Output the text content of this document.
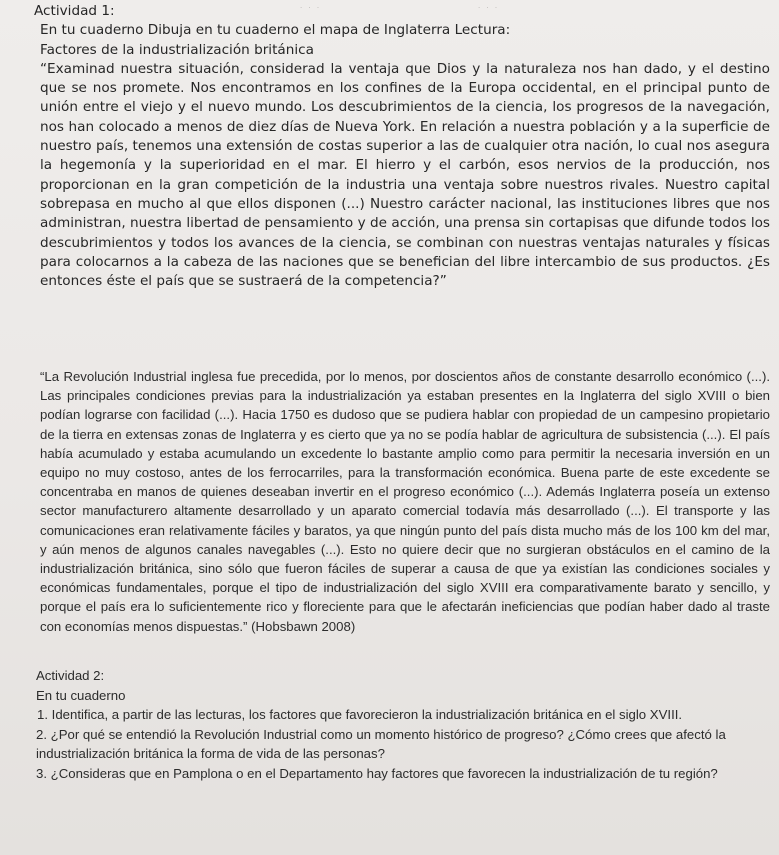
· · ·	· · ·

Actividad 1:

En tu cuaderno Dibuja en tu cuaderno el mapa de Inglaterra Lectura:

Factores de la industrialización británica

“Examinad nuestra situación, considerad la ventaja que Dios y la naturaleza nos han dado, y el destino que se nos promete. Nos encontramos en los confines de la Europa occidental, en el principal punto de unión entre el viejo y el nuevo mundo. Los descubrimientos de la ciencia, los progresos de la navegación, nos han colocado a menos de diez días de Nueva York. En relación a nuestra población y a la superficie de nuestro país, tenemos una extensión de costas superior a las de cualquier otra nación, lo cual nos asegura la hegemonía y la superioridad en el mar. El hierro y el carbón, esos nervios de la producción, nos proporcionan en la gran competición de la industria una ventaja sobre nuestros rivales. Nuestro capital sobrepasa en mucho al que ellos disponen (...) Nuestro carácter nacional, las instituciones libres que nos administran, nuestra libertad de pensamiento y de acción, una prensa sin cortapisas que difunde todos los descubrimientos y todos los avances de la ciencia, se combinan con nuestras ventajas naturales y físicas para colocarnos a la cabeza de las naciones que se benefician del libre intercambio de sus productos. ¿Es entonces éste el país que se sustraerá de la competencia?”

“La Revolución Industrial inglesa fue precedida, por lo menos, por doscientos años de constante desarrollo económico (...). Las principales condiciones previas para la industrialización ya estaban presentes en la Inglaterra del siglo XVIII o bien podían lograrse con facilidad (...). Hacia 1750 es dudoso que se pudiera hablar con propiedad de un campesino propietario de la tierra en extensas zonas de Inglaterra y es cierto que ya no se podía hablar de agricultura de subsistencia (...). El país había acumulado y estaba acumulando un excedente lo bastante amplio como para permitir la necesaria inversión en un equipo no muy costoso, antes de los ferrocarriles, para la transformación económica. Buena parte de este excedente se concentraba en manos de quienes deseaban invertir en el progreso económico (...). Además Inglaterra poseía un extenso sector manufacturero altamente desarrollado y un aparato comercial todavía más desarrollado (...). El transporte y las comunicaciones eran relativamente fáciles y baratos, ya que ningún punto del país dista mucho más de los 100 km del mar, y aún menos de algunos canales navegables (...). Esto no quiere decir que no surgieran obstáculos en el camino de la industrialización británica, sino sólo que fueron fáciles de superar a causa de que ya existían las condiciones sociales y económicas fundamentales, porque el tipo de industrialización del siglo XVIII era comparativamente barato y sencillo, y porque el país era lo suficientemente rico y floreciente para que le afectarán ineficiencias que podían haber dado al traste con economías menos dispuestas.” (Hobsbawn 2008)

Actividad 2:

En tu cuaderno

1. Identifica, a partir de las lecturas, los factores que favorecieron la industrialización británica en el siglo XVIII.

2. ¿Por qué se entendió la Revolución Industrial como un momento histórico de progreso? ¿Cómo crees que afectó la industrialización británica la forma de vida de las personas?

3. ¿Consideras que en Pamplona o en el Departamento hay factores que favorecen la industrialización de tu región?
